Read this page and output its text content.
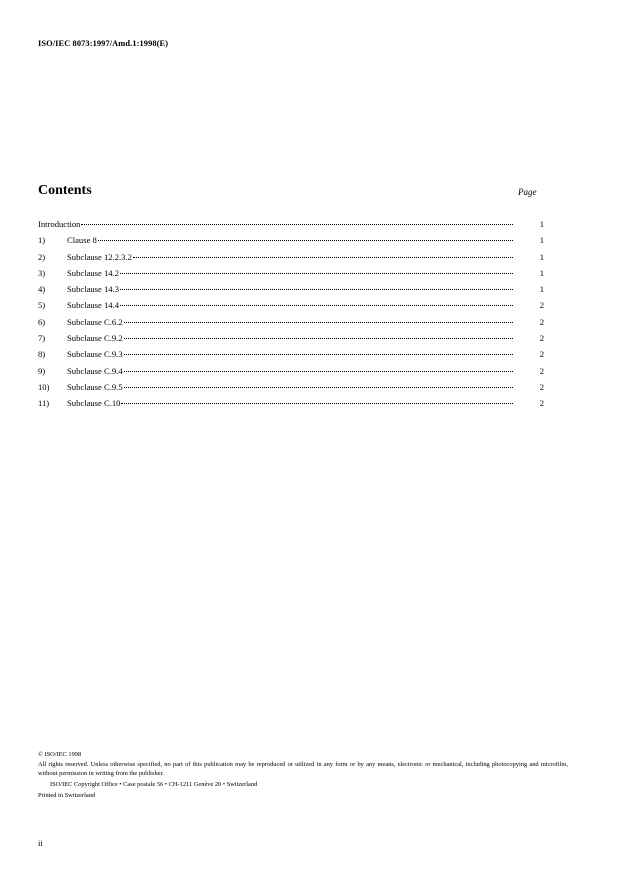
ISO/IEC 8073:1997/Amd.1:1998(E)
Contents	Page
Introduction	1
1)	Clause 8	1
2)	Subclause 12.2.3.2	1
3)	Subclause 14.2	1
4)	Subclause 14.3	1
5)	Subclause 14.4	2
6)	Subclause C.6.2	2
7)	Subclause C.9.2	2
8)	Subclause C.9.3	2
9)	Subclause C.9.4	2
10)	Subclause C.9.5	2
11)	Subclause C.10	2

© ISO/IEC 1998

All rights reserved. Unless otherwise specified, no part of this publication may be reproduced or utilized in any form or by any means, electronic or mechanical, including photocopying and microfilm, without permission in writing from the publisher.

ISO/IEC Copyright Office • Case postale 56 • CH-1211 Genève 20 • Switzerland

Printed in Switzerland

ii
